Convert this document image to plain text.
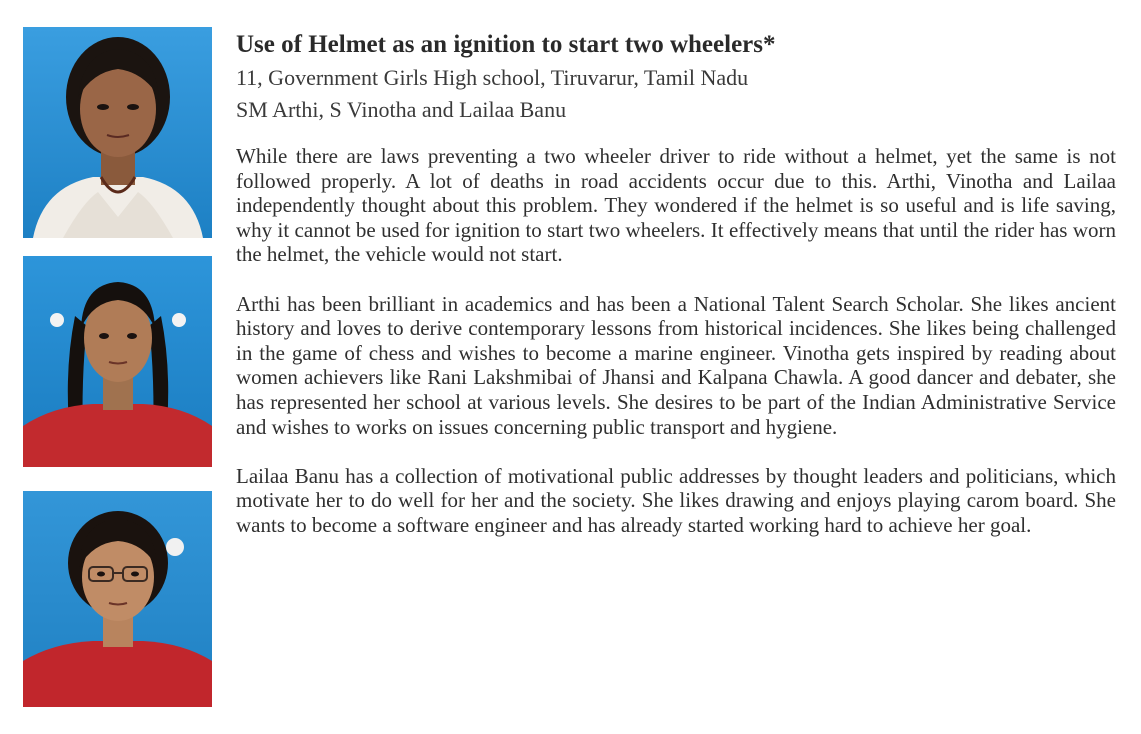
Use of Helmet as an ignition to start two wheelers*

11, Government Girls High school, Tiruvarur, Tamil Nadu

SM Arthi, S Vinotha and Lailaa Banu

While there are laws preventing a two wheeler driver to ride without a helmet, yet the same is not followed properly. A lot of deaths in road accidents occur due to this. Arthi, Vinotha and Lailaa independently thought about this problem. They wondered if the helmet is so useful and is life saving, why it cannot be used for ignition to start two wheelers. It effectively means that until the rider has worn the helmet, the vehicle would not start.

Arthi has been brilliant in academics and has been a National Talent Search Scholar. She likes ancient history and loves to derive contemporary lessons from historical incidences. She likes being challenged in the game of chess and wishes to become a marine engineer. Vinotha gets inspired by reading about women achievers like Rani Lakshmibai of Jhansi and Kalpana Chawla. A good dancer and debater, she has represented her school at various levels. She desires to be part of the Indian Administrative Service and wishes to works on issues concerning public transport and hygiene.

Lailaa Banu has a collection of motivational public addresses by thought leaders and politicians, which motivate her to do well for her and the society. She likes drawing and enjoys playing carom board. She wants to become a software engineer and has already started working hard to achieve her goal.
